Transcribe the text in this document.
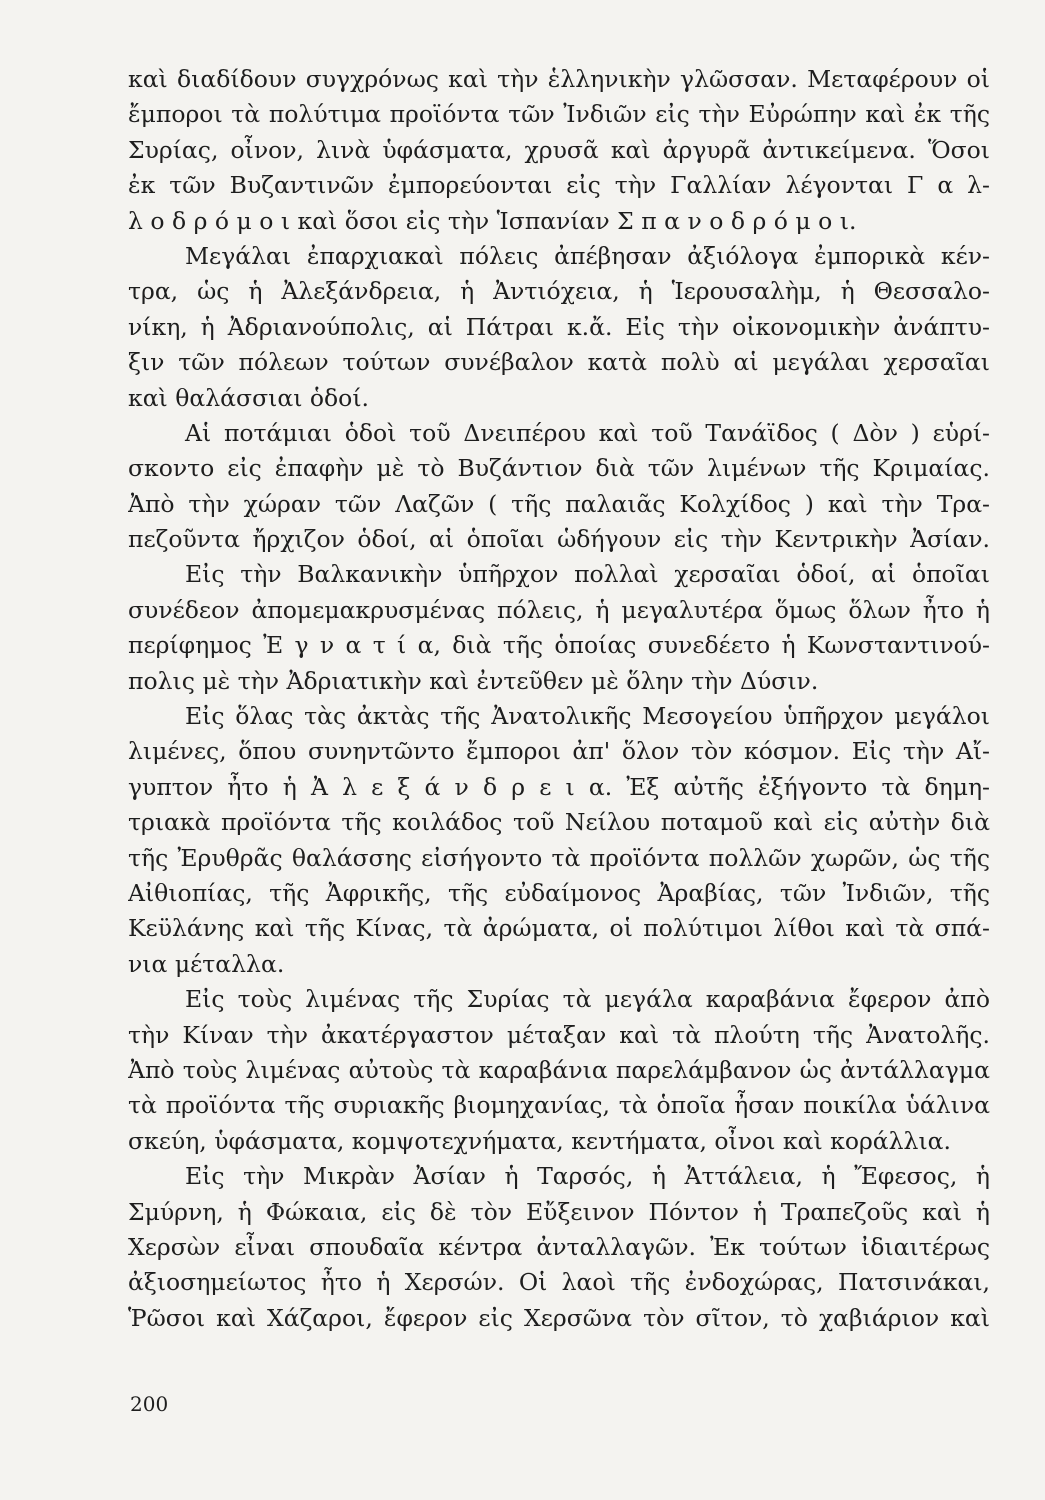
καὶ διαδίδουν συγχρόνως καὶ τὴν ἑλληνικὴν γλῶσσαν. Μεταφέρουν οἱ
ἔμποροι τὰ πολύτιμα προϊόντα τῶν Ἰνδιῶν εἰς τὴν Εὐρώπην καὶ ἐκ τῆς
Συρίας, οἶνον, λινὰ ὑφάσματα, χρυσᾶ καὶ ἀργυρᾶ ἀντικείμενα. Ὅσοι
ἐκ τῶν Βυζαντινῶν ἐμπορεύονται εἰς τὴν Γαλλίαν λέγονται Γ α λ-
λ ο δ ρ ό μ ο ι καὶ ὅσοι εἰς τὴν Ἱσπανίαν Σ π α ν ο δ ρ ό μ ο ι.
Μεγάλαι ἐπαρχιακαὶ πόλεις ἀπέβησαν ἀξιόλογα ἐμπορικὰ κέν-
τρα, ὡς ἡ Ἀλεξάνδρεια, ἡ Ἀντιόχεια, ἡ Ἱερουσαλὴμ, ἡ Θεσσαλο-
νίκη, ἡ Ἀδριανούπολις, αἱ Πάτραι κ.ἄ. Εἰς τὴν οἰκονομικὴν ἀνάπτυ-
ξιν τῶν πόλεων τούτων συνέβαλον κατὰ πολὺ αἱ μεγάλαι χερσαῖαι
καὶ θαλάσσιαι ὁδοί.
Αἱ ποτάμιαι ὁδοὶ τοῦ Δνειπέρου καὶ τοῦ Τανάϊδος ( Δὸν ) εὑρί-
σκοντο εἰς ἐπαφὴν μὲ τὸ Βυζάντιον διὰ τῶν λιμένων τῆς Κριμαίας.
Ἀπὸ τὴν χώραν τῶν Λαζῶν ( τῆς παλαιᾶς Κολχίδος ) καὶ τὴν Τρα-
πεζοῦντα ἤρχιζον ὁδοί, αἱ ὁποῖαι ὡδήγουν εἰς τὴν Κεντρικὴν Ἀσίαν.
Εἰς τὴν Βαλκανικὴν ὑπῆρχον πολλαὶ χερσαῖαι ὁδοί, αἱ ὁποῖαι
συνέδεον ἀπομεμακρυσμένας πόλεις, ἡ μεγαλυτέρα ὅμως ὅλων ἦτο ἡ
περίφημος Ἐ γ ν α τ ί α, διὰ τῆς ὁποίας συνεδέετο ἡ Κωνσταντινού-
πολις μὲ τὴν Ἀδριατικὴν καὶ ἐντεῦθεν μὲ ὅλην τὴν Δύσιν.
Εἰς ὅλας τὰς ἀκτὰς τῆς Ἀνατολικῆς Μεσογείου ὑπῆρχον μεγάλοι
λιμένες, ὅπου συνηντῶντο ἔμποροι ἀπ' ὅλον τὸν κόσμον. Εἰς τὴν Αἴ-
γυπτον ἦτο ἡ Ἀ λ ε ξ ά ν δ ρ ε ι α. Ἐξ αὐτῆς ἐξήγοντο τὰ δημη-
τριακὰ προϊόντα τῆς κοιλάδος τοῦ Νείλου ποταμοῦ καὶ εἰς αὐτὴν διὰ
τῆς Ἐρυθρᾶς θαλάσσης εἰσήγοντο τὰ προϊόντα πολλῶν χωρῶν, ὡς τῆς
Αἰθιοπίας, τῆς Ἀφρικῆς, τῆς εὐδαίμονος Ἀραβίας, τῶν Ἰνδιῶν, τῆς
Κεϋλάνης καὶ τῆς Κίνας, τὰ ἀρώματα, οἱ πολύτιμοι λίθοι καὶ τὰ σπά-
νια μέταλλα.
Εἰς τοὺς λιμένας τῆς Συρίας τὰ μεγάλα καραβάνια ἔφερον ἀπὸ
τὴν Κίναν τὴν ἀκατέργαστον μέταξαν καὶ τὰ πλούτη τῆς Ἀνατολῆς.
Ἀπὸ τοὺς λιμένας αὐτοὺς τὰ καραβάνια παρελάμβανον ὡς ἀντάλλαγμα
τὰ προϊόντα τῆς συριακῆς βιομηχανίας, τὰ ὁποῖα ἦσαν ποικίλα ὑάλινα
σκεύη, ὑφάσματα, κομψοτεχνήματα, κεντήματα, οἶνοι καὶ κοράλλια.
Εἰς τὴν Μικρὰν Ἀσίαν ἡ Ταρσός, ἡ Ἀττάλεια, ἡ Ἔφεσος, ἡ
Σμύρνη, ἡ Φώκαια, εἰς δὲ τὸν Εὔξεινον Πόντον ἡ Τραπεζοῦς καὶ ἡ
Χερσὼν εἶναι σπουδαῖα κέντρα ἀνταλλαγῶν. Ἐκ τούτων ἰδιαιτέρως
ἀξιοσημείωτος ἦτο ἡ Χερσών. Οἱ λαοὶ τῆς ἐνδοχώρας, Πατσινάκαι,
Ῥῶσοι καὶ Χάζαροι, ἔφερον εἰς Χερσῶνα τὸν σῖτον, τὸ χαβιάριον καὶ
200
